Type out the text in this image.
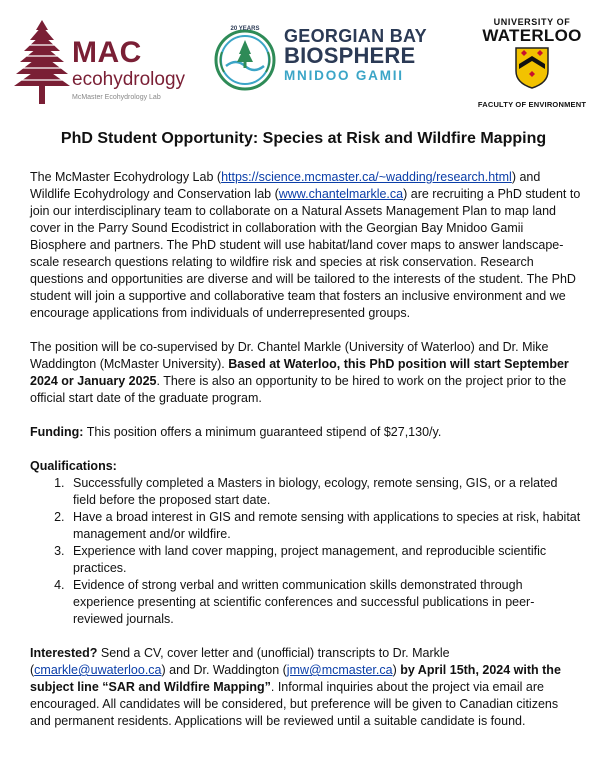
MAC
ecohydrology
McMaster Ecohydrology Lab
20 YEARS GEORGIAN BAY
BIOSPHERE
MNIDOO GAMII
UNIVERSITY OF
WATERLOO
FACULTY OF ENVIRONMENT
PhD Student Opportunity: Species at Risk and Wildfire Mapping

The McMaster Ecohydrology Lab (https://science.mcmaster.ca/~wadding/research.html) and Wildlife Ecohydrology and Conservation lab (www.chantelmarkle.ca) are recruiting a PhD student to join our interdisciplinary team to collaborate on a Natural Assets Management Plan to map land cover in the Parry Sound Ecodistrict in collaboration with the Georgian Bay Mnidoo Gamii Biosphere and partners. The PhD student will use habitat/land cover maps to answer landscape-scale research questions relating to wildfire risk and species at risk conservation. Research questions and opportunities are diverse and will be tailored to the interests of the student. The PhD student will join a supportive and collaborative team that fosters an inclusive environment and we encourage applications from individuals of underrepresented groups.

The position will be co-supervised by Dr. Chantel Markle (University of Waterloo) and Dr. Mike Waddington (McMaster University). Based at Waterloo, this PhD position will start September 2024 or January 2025. There is also an opportunity to be hired to work on the project prior to the official start date of the graduate program.

Funding: This position offers a minimum guaranteed stipend of $27,130/y.

Qualifications:
1. Successfully completed a Masters in biology, ecology, remote sensing, GIS, or a related field before the proposed start date.
2. Have a broad interest in GIS and remote sensing with applications to species at risk, habitat management and/or wildfire.
3. Experience with land cover mapping, project management, and reproducible scientific practices.
4. Evidence of strong verbal and written communication skills demonstrated through experience presenting at scientific conferences and successful publications in peer-reviewed journals.

Interested? Send a CV, cover letter and (unofficial) transcripts to Dr. Markle (cmarkle@uwaterloo.ca) and Dr. Waddington (jmw@mcmaster.ca) by April 15th, 2024 with the subject line “SAR and Wildfire Mapping”. Informal inquiries about the project via email are encouraged. All candidates will be considered, but preference will be given to Canadian citizens and permanent residents. Applications will be reviewed until a suitable candidate is found.
